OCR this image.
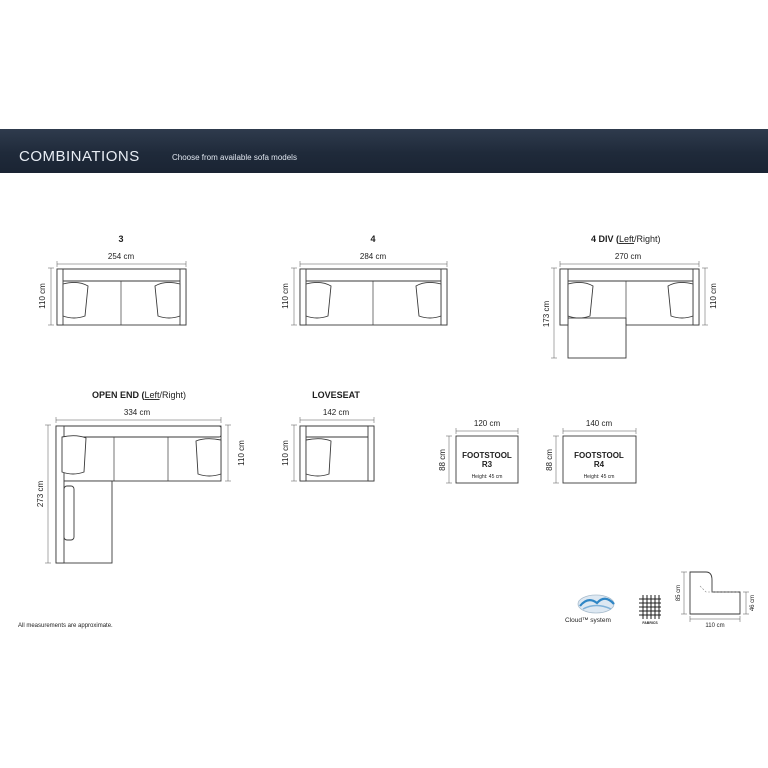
COMBINATIONS	Choose from available sofa models
3
254 cm
110 cm
4
284 cm
110 cm
4 DIV (Left/Right)
270 cm
110 cm
173 cm
OPEN END (Left/Right)
334 cm
110 cm
273 cm
LOVESEAT
142 cm
110 cm
120 cm
88 cm FOOTSTOOL
R3
Height: 45 cm
140 cm
88 cm	FOOTSTOOL
R4
Height: 45 cm
Cloud™ system	FABRICS
85 cm
46 cm
110 cm
All measurements are approximate.
